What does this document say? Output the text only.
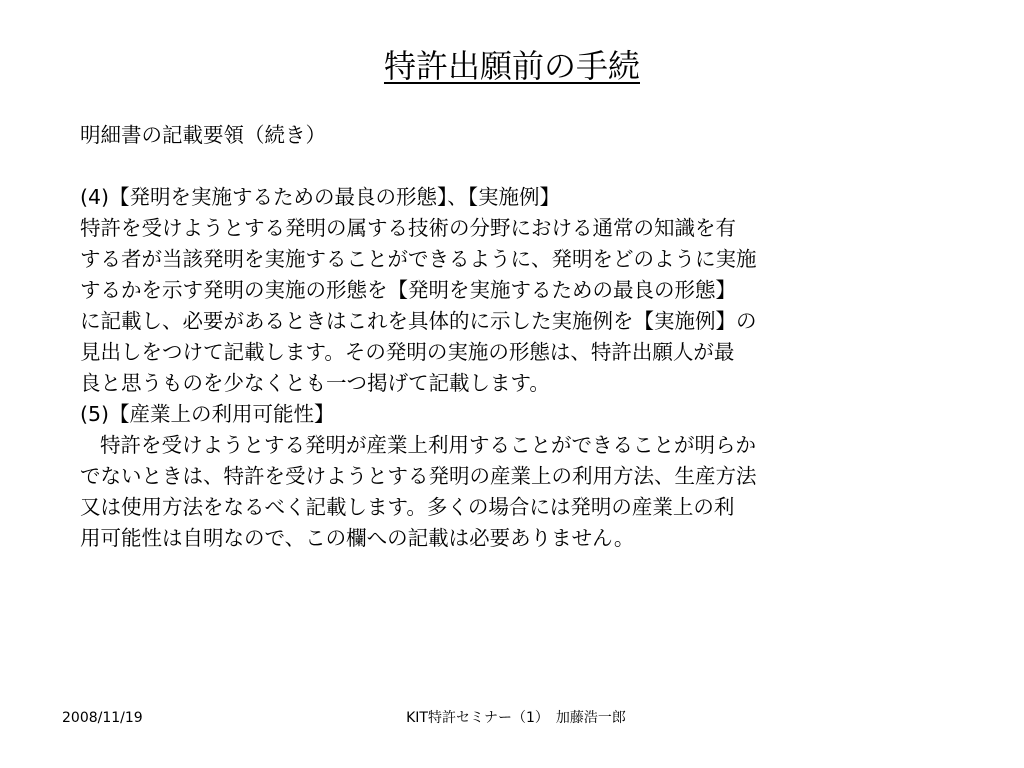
特許出願前の手続
明細書の記載要領（続き）
(4)【発明を実施するための最良の形態】、【実施例】
特許を受けようとする発明の属する技術の分野における通常の知識を有
する者が当該発明を実施することができるように、発明をどのように実施
するかを示す発明の実施の形態を【発明を実施するための最良の形態】
に記載し、必要があるときはこれを具体的に示した実施例を【実施例】の
見出しをつけて記載します。その発明の実施の形態は、特許出願人が最
良と思うものを少なくとも一つ掲げて記載します。
(5)【産業上の利用可能性】
特許を受けようとする発明が産業上利用することができることが明らか
でないときは、特許を受けようとする発明の産業上の利用方法、生産方法
又は使用方法をなるべく記載します。多くの場合には発明の産業上の利
用可能性は自明なので、この欄への記載は必要ありません。
2008/11/19	KIT特許セミナー（1）　加藤浩一郎
